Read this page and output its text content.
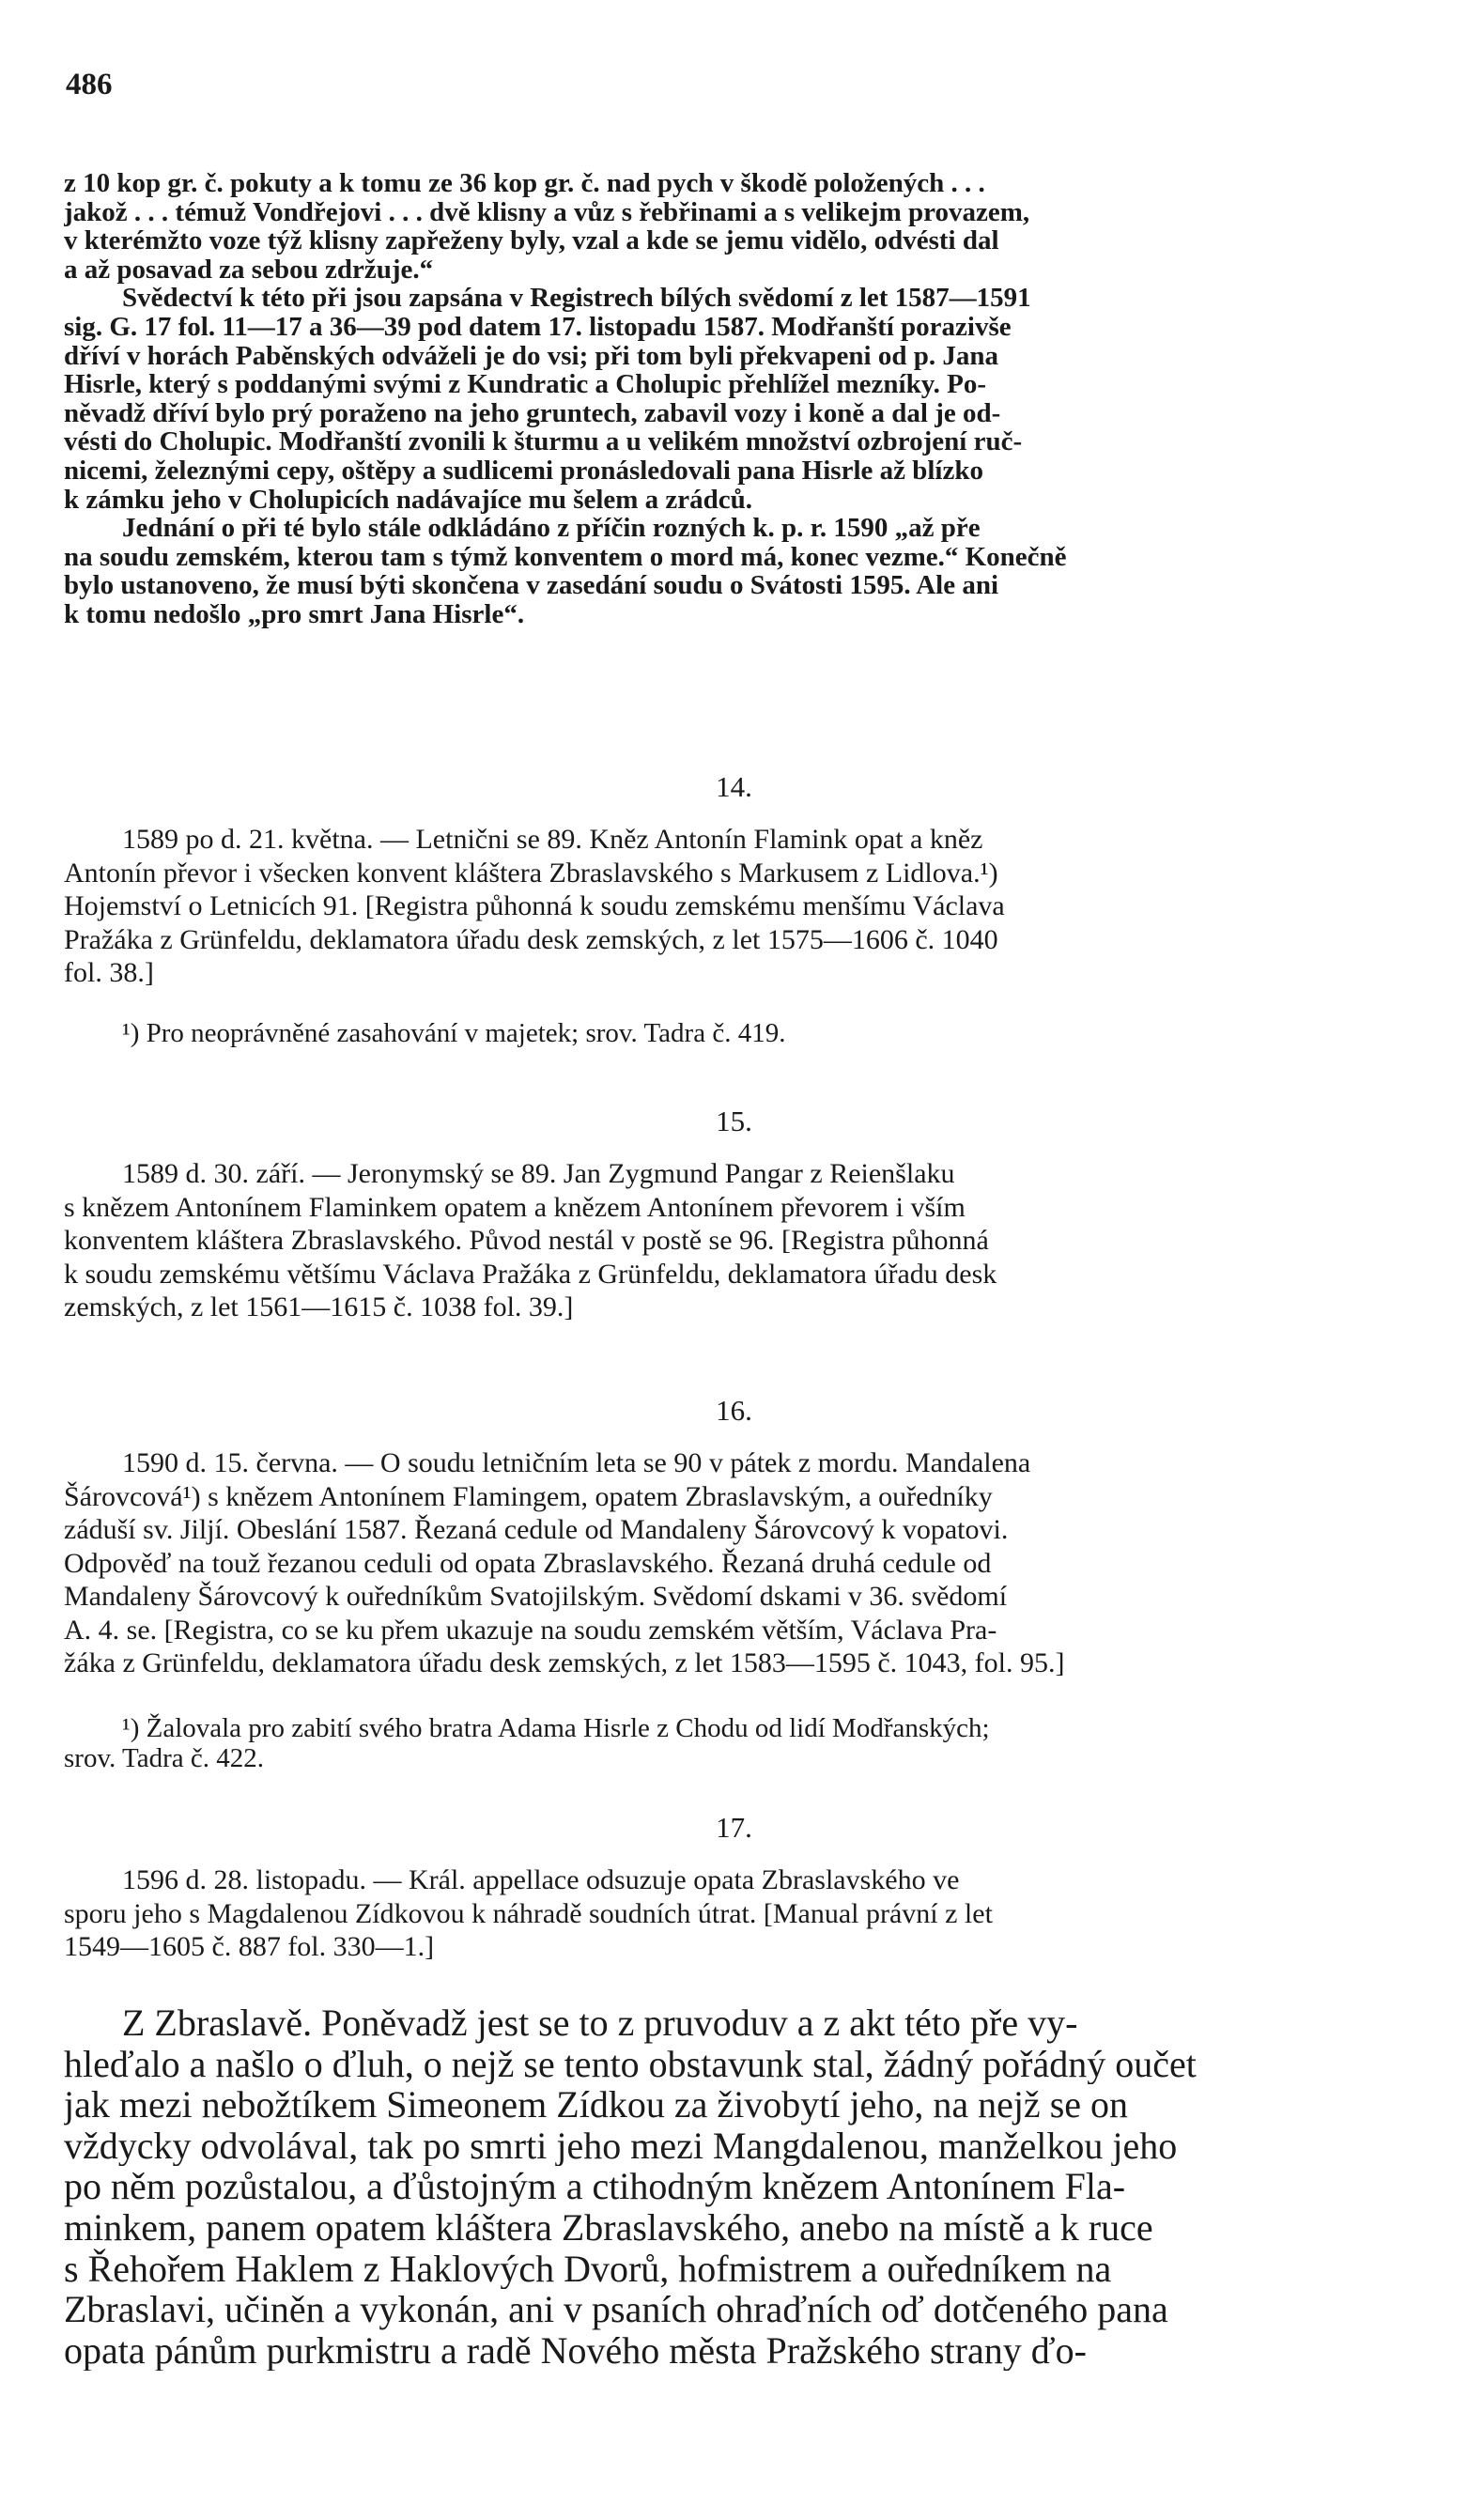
486
z 10 kop gr. č. pokuty a k tomu ze 36 kop gr. č. nad pych v škodě položených . . .
jakož . . . témuž Vondřejovi . . . dvě klisny a vůz s řebřinami a s velikejm provazem,
v kterémžto voze týž klisny zapřeženy byly, vzal a kde se jemu vidělo, odvésti dal
a až posavad za sebou zdržuje.“
Svědectví k této při jsou zapsána v Registrech bílých svědomí z let 1587—1591
sig. G. 17 fol. 11—17 a 36—39 pod datem 17. listopadu 1587. Modřanští porazivše
dříví v horách Paběnských odváželi je do vsi; při tom byli překvapeni od p. Jana
Hisrle, který s poddanými svými z Kundratic a Cholupic přehlížel mezníky. Po-
něvadž dříví bylo prý poraženo na jeho gruntech, zabavil vozy i koně a dal je od-
vésti do Cholupic. Modřanští zvonili k šturmu a u velikém množství ozbrojení ruč-
nicemi, železnými cepy, oštěpy a sudlicemi pronásledovali pana Hisrle až blízko
k zámku jeho v Cholupicích nadávajíce mu šelem a zrádců.
Jednání o při té bylo stále odkládáno z příčin rozných k. p. r. 1590 „až pře
na soudu zemském, kterou tam s týmž konventem o mord má, konec vezme.“ Konečně
bylo ustanoveno, že musí býti skončena v zasedání soudu o Svátosti 1595. Ale ani
k tomu nedošlo „pro smrt Jana Hisrle“.
14.
1589 po d. 21. května. — Letnični se 89. Kněz Antonín Flamink opat a kněz
Antonín převor i všecken konvent kláštera Zbraslavského s Markusem z Lidlova.¹)
Hojemství o Letnicích 91. [Registra půhonná k soudu zemskému menšímu Václava
Pražáka z Grünfeldu, deklamatora úřadu desk zemských, z let 1575—1606 č. 1040
fol. 38.]
¹) Pro neoprávněné zasahování v majetek; srov. Tadra č. 419.
15.
1589 d. 30. září. — Jeronymský se 89. Jan Zygmund Pangar z Reienšlaku
s knězem Antonínem Flaminkem opatem a knězem Antonínem převorem i vším
konventem kláštera Zbraslavského. Původ nestál v postě se 96. [Registra půhonná
k soudu zemskému většímu Václava Pražáka z Grünfeldu, deklamatora úřadu desk
zemských, z let 1561—1615 č. 1038 fol. 39.]
16.
1590 d. 15. června. — O soudu letničním leta se 90 v pátek z mordu. Mandalena
Šárovcová¹) s knězem Antonínem Flamingem, opatem Zbraslavským, a ouředníky
záduší sv. Jiljí. Obeslání 1587. Řezaná cedule od Mandaleny Šárovcový k vopatovi.
Odpověď na touž řezanou ceduli od opata Zbraslavského. Řezaná druhá cedule od
Mandaleny Šárovcový k ouředníkům Svatojilským. Svědomí dskami v 36. svědomí
A. 4. se. [Registra, co se ku přem ukazuje na soudu zemském větším, Václava Pra-
žáka z Grünfeldu, deklamatora úřadu desk zemských, z let 1583—1595 č. 1043, fol. 95.]
¹) Žalovala pro zabití svého bratra Adama Hisrle z Chodu od lidí Modřanských;
srov. Tadra č. 422.
17.
1596 d. 28. listopadu. — Král. appellace odsuzuje opata Zbraslavského ve
sporu jeho s Magdalenou Zídkovou k náhradě soudních útrat. [Manual právní z let
1549—1605 č. 887 fol. 330—1.]
Z Zbraslavě. Poněvadž jest se to z pruvoduv a z akt této pře vy-
hleďalo a našlo o ďluh, o nejž se tento obstavunk stal, žádný pořádný oučet
jak mezi nebožtíkem Simeonem Zídkou za živobytí jeho, na nejž se on
vždycky odvolával, tak po smrti jeho mezi Mangdalenou, manželkou jeho
po něm pozůstalou, a ďůstojným a ctihodným knězem Antonínem Fla-
minkem, panem opatem kláštera Zbraslavského, anebo na místě a k ruce
s Řehořem Haklem z Haklových Dvorů, hofmistrem a ouředníkem na
Zbraslavi, učiněn a vykonán, ani v psaních ohraďních oď dotčeného pana
opata pánům purkmistru a radě Nového města Pražského strany ďo-
